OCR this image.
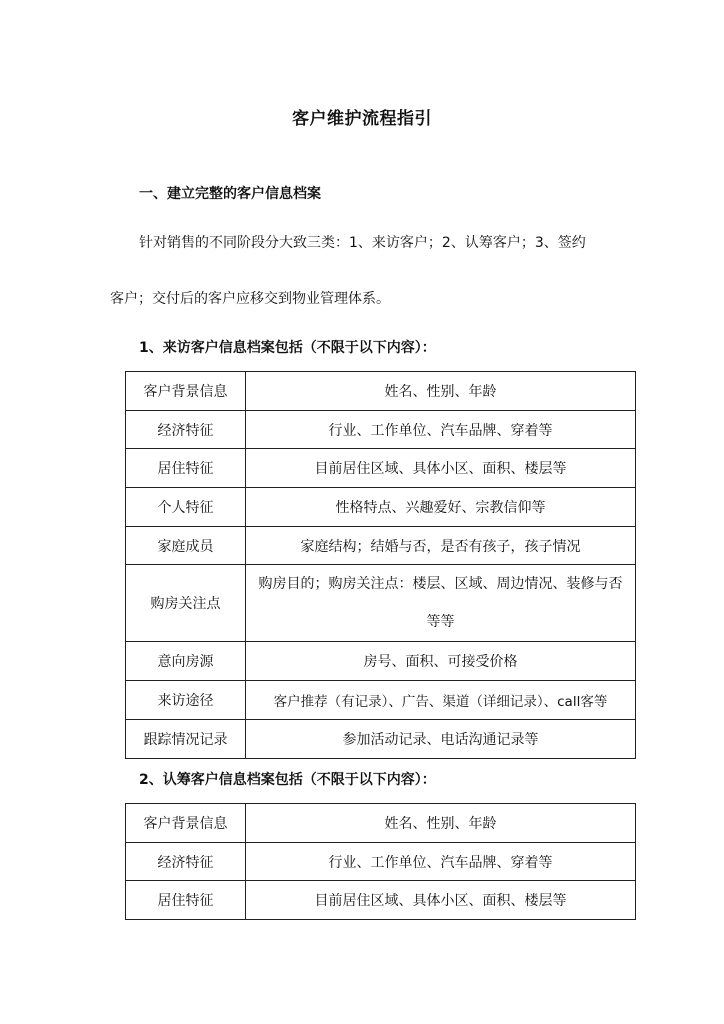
客户维护流程指引
一、建立完整的客户信息档案
针对销售的不同阶段分大致三类：1、来访客户；2、认筹客户；3、签约
客户；交付后的客户应移交到物业管理体系。
1、来访客户信息档案包括（不限于以下内容）：
客户背景信息	姓名、性别、年龄
经济特征	行业、工作单位、汽车品牌、穿着等
居住特征	目前居住区域、具体小区、面积、楼层等
个人特征	性格特点、兴趣爱好、宗教信仰等
家庭成员	家庭结构；结婚与否，是否有孩子，孩子情况
购房关注点	购房目的；购房关注点：楼层、区域、周边情况、装修与否等等
意向房源	房号、面积、可接受价格
来访途径	客户推荐（有记录）、广告、渠道（详细记录）、call客等
跟踪情况记录	参加活动记录、电话沟通记录等
2、认筹客户信息档案包括（不限于以下内容）：
客户背景信息	姓名、性别、年龄
经济特征	行业、工作单位、汽车品牌、穿着等
居住特征	目前居住区域、具体小区、面积、楼层等
